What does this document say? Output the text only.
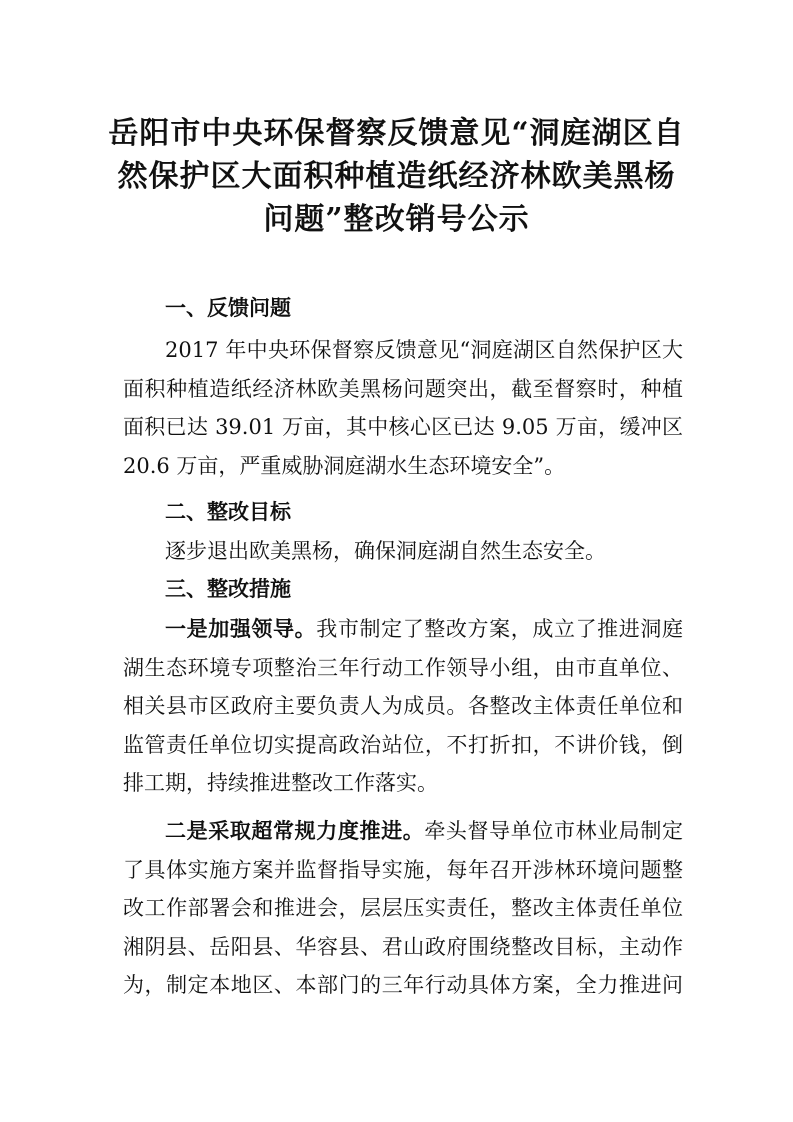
岳阳市中央环保督察反馈意见“洞庭湖区自
然保护区大面积种植造纸经济林欧美黑杨
问题”整改销号公示
一、反馈问题
2017 年中央环保督察反馈意见“洞庭湖区自然保护区大
面积种植造纸经济林欧美黑杨问题突出，截至督察时，种植
面积已达 39.01 万亩，其中核心区已达 9.05 万亩，缓冲区
20.6 万亩，严重威胁洞庭湖水生态环境安全”。
二、整改目标
逐步退出欧美黑杨，确保洞庭湖自然生态安全。
三、整改措施
一是加强领导。我市制定了整改方案，成立了推进洞庭
湖生态环境专项整治三年行动工作领导小组，由市直单位、
相关县市区政府主要负责人为成员。各整改主体责任单位和
监管责任单位切实提高政治站位，不打折扣，不讲价钱，倒
排工期，持续推进整改工作落实。
二是采取超常规力度推进。牵头督导单位市林业局制定
了具体实施方案并监督指导实施，每年召开涉林环境问题整
改工作部署会和推进会，层层压实责任，整改主体责任单位
湘阴县、岳阳县、华容县、君山政府围绕整改目标，主动作
为，制定本地区、本部门的三年行动具体方案，全力推进问
